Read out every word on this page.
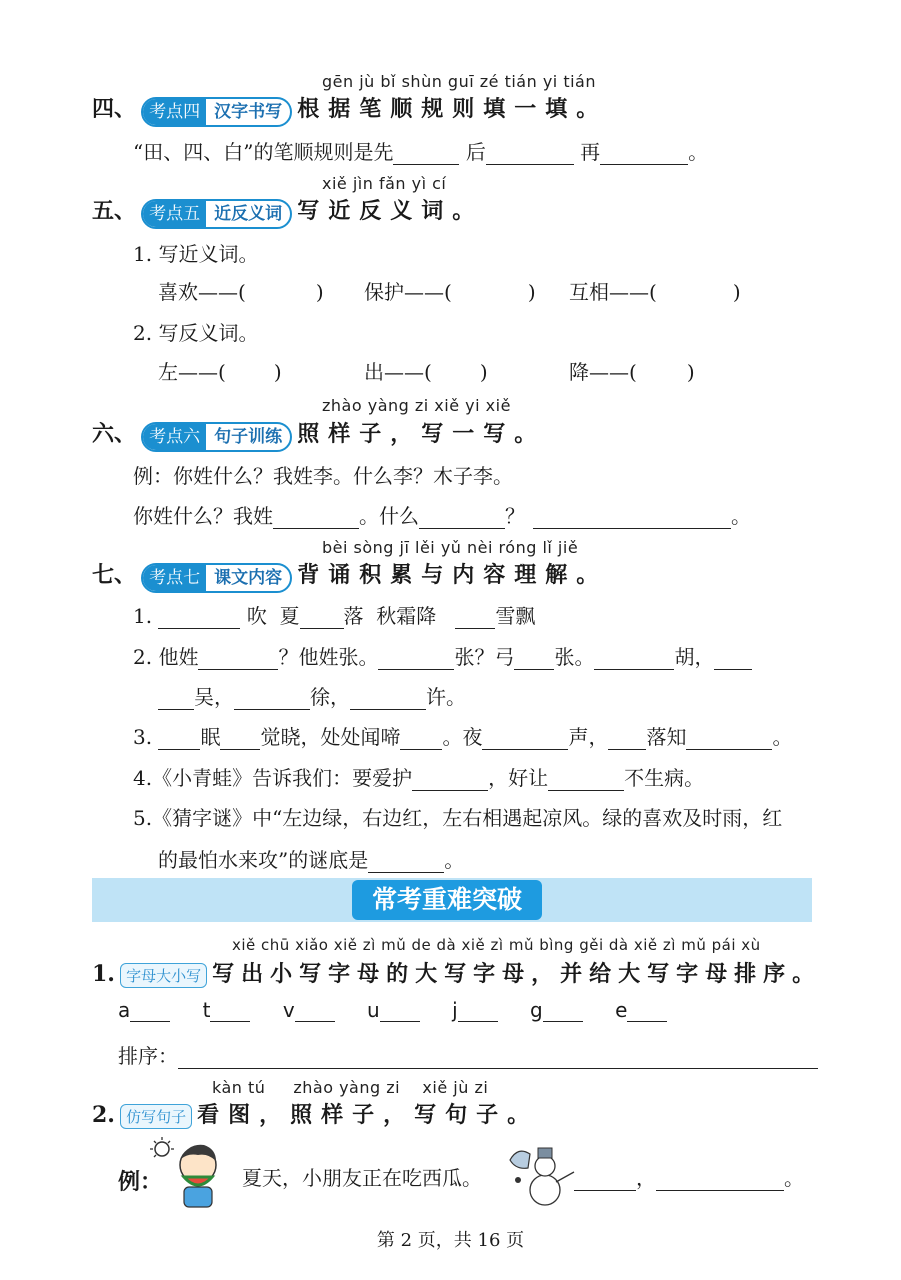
gēn jù bǐ shùn guī zé tián yi tián
四、 考点四 汉字书写 根据笔顺规则填一填。
“田、四、白”的笔顺规则是先	后	再	。
xiě jìn fǎn yì cí
五、 考点五 近反义词 写近反义词。
1. 写近义词。
喜欢——(	) 保护——(	) 互相——(	)
2. 写反义词。
左——( )	出——( )	降——(	)
zhào yàng zi xiě yi xiě
六、 考点六 句子训练 照样子，写一写。
例：你姓什么？我姓李。什么李？木子李。
你姓什么？我姓	。什么	？	。
bèi sòng jī lěi yǔ nèi róng lǐ jiě
七、 考点七 课文内容 背诵积累与内容理解。
1.	吹 夏 落 秋霜降	雪飘
2. 他姓	？他姓张。	张？弓 张。	胡，
吴，	徐，	许。
3. 眠 觉晓，处处闻啼 。夜	声， 落知	。
4.《小青蛙》告诉我们：要爱护	，好让	不生病。
5.《猜字谜》中“左边绿，右边红，左右相遇起凉风。绿的喜欢及时雨，红
的最怕水来攻”的谜底是	。
常考重难突破
xiě chū xiǎo xiě zì mǔ de dà xiě zì mǔ bìng gěi dà xiě zì mǔ pái xù
1. 字母大小写 写出小写字母的大写字母，并给大写字母排序。
a	t	v	u	j	g	e
排序：
kàn tú     zhào yàng zi    xiě jù zi
2. 仿写句子 看图，照样子，写句子。
例：	夏天，小朋友正在吃西瓜。	，	。
第 2 页，共 16 页
